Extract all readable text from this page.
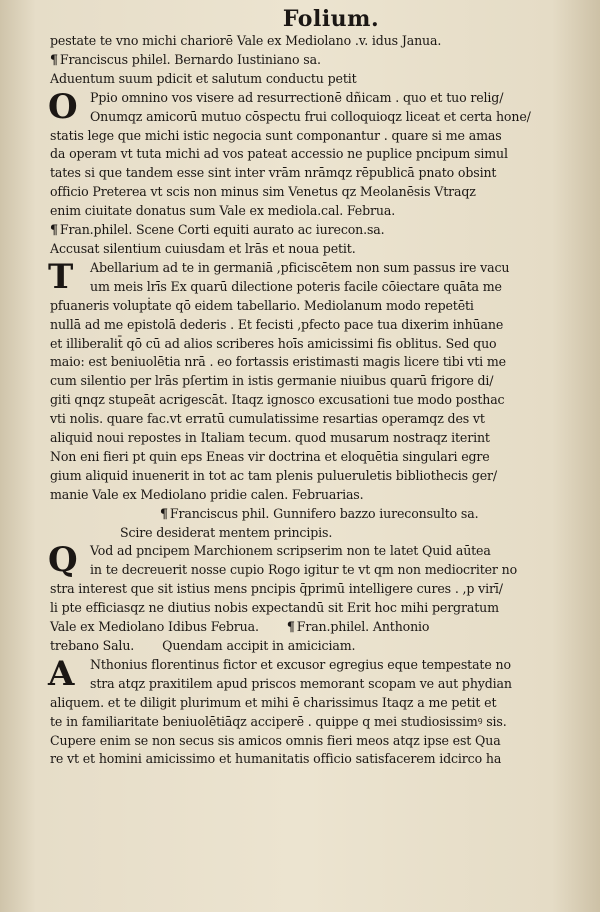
Folium.
pestate te vno michi chariorē Vale ex Mediolano .v. idus Janua.
¶ Franciscus philel. Bernardo Iustiniano sa.
Aduentum suum pdicit et salutum conductu petit
O Ppio omnino vos visere ad resurrectionē dñicam . quo et tuo relig/
Onumqz amicorū mutuo cōspectu frui colloquioqz liceat et certa hone/
statis lege que michi istic negocia sunt componantur . quare si me amas
da operam vt tuta michi ad vos pateat accessio ne puplice pncipum simul
tates si que tandem esse sint inter vrām nrāmqz rēpublicā pnato obsint
officio Preterea vt scis non minus sim Venetus qz Meolanēsis Vtraqz
enim ciuitate donatus sum Vale ex mediola.cal. Februa.
¶ Fran.philel. Scene Corti equiti aurato ac iurecon.sa.
Accusat silentium cuiusdam et lrās et noua petit.
T Abellarium ad te in germaniā ,pficiscētem non sum passus ire vacu
um meis lrīs Ex quarū dilectione poteris facile cōiectare quāta me
pfuaneris volupṫate qō eidem tabellario. Mediolanum modo repetēti
nullā ad me epistolā dederis . Et fecisti ,pfecto pace tua dixerim inhūane
et illiberalit̄ qō cū ad alios scriberes hoīs amicissimi fis oblitus. Sed quo
maio: est beniuolētia nrā . eo fortassis eristimasti magis licere tibi vti me
cum silentio per lrās pſertim in istis germanie niuibus quarū frigore di/
giti qnqz stupeāt acrigescāt. Itaqz ignosco excusationi tue modo posthac
vti nolis. quare fac.vt erratū cumulatissime resartias operamqz des vt
aliquid noui repostes in Italiam tecum. quod musarum nostraqz iterint
Non eni fieri pt quin eps Eneas vir doctrina et eloquētia singulari egre
gium aliquid inuenerit in tot ac tam plenis pulueruletis bibliothecis ger/
manie Vale ex Mediolano pridie calen. Februarias.
¶ Franciscus phil. Gunnifero bazzo iureconsulto sa.
Scire desiderat mentem principis.
Q Vod ad pncipem Marchionem scripserim non te latet Quid aūtea
in te decreuerit nosse cupio Rogo igitur te vt qm non mediocriter no
stra interest que sit istius mens pncipis q̄primū intelligere cures . ,p virī/
li pte efficiasqz ne diutius nobis expectandū sit Erit hoc mihi pergratum
Vale ex Mediolano Idibus Februa. ¶ Fran.philel. Anthonio
trebano Salu. Quendam accipit in amiciciam.
A Nthonius florentinus fictor et excusor egregius eque tempestate no
stra atqz praxitilem apud priscos memorant scopam ve aut phydian
aliquem. et te diligit plurimum et mihi ē charissimus Itaqz a me petit et
te in familiaritate beniuolētiāqz acciperē . quippe q mei studiosissimꝰ sis.
Cupere enim se non secus sis amicos omnis fieri meos atqz ipse est Qua
re vt et homini amicissimo et humanitatis officio satisfacerem idcirco ha
